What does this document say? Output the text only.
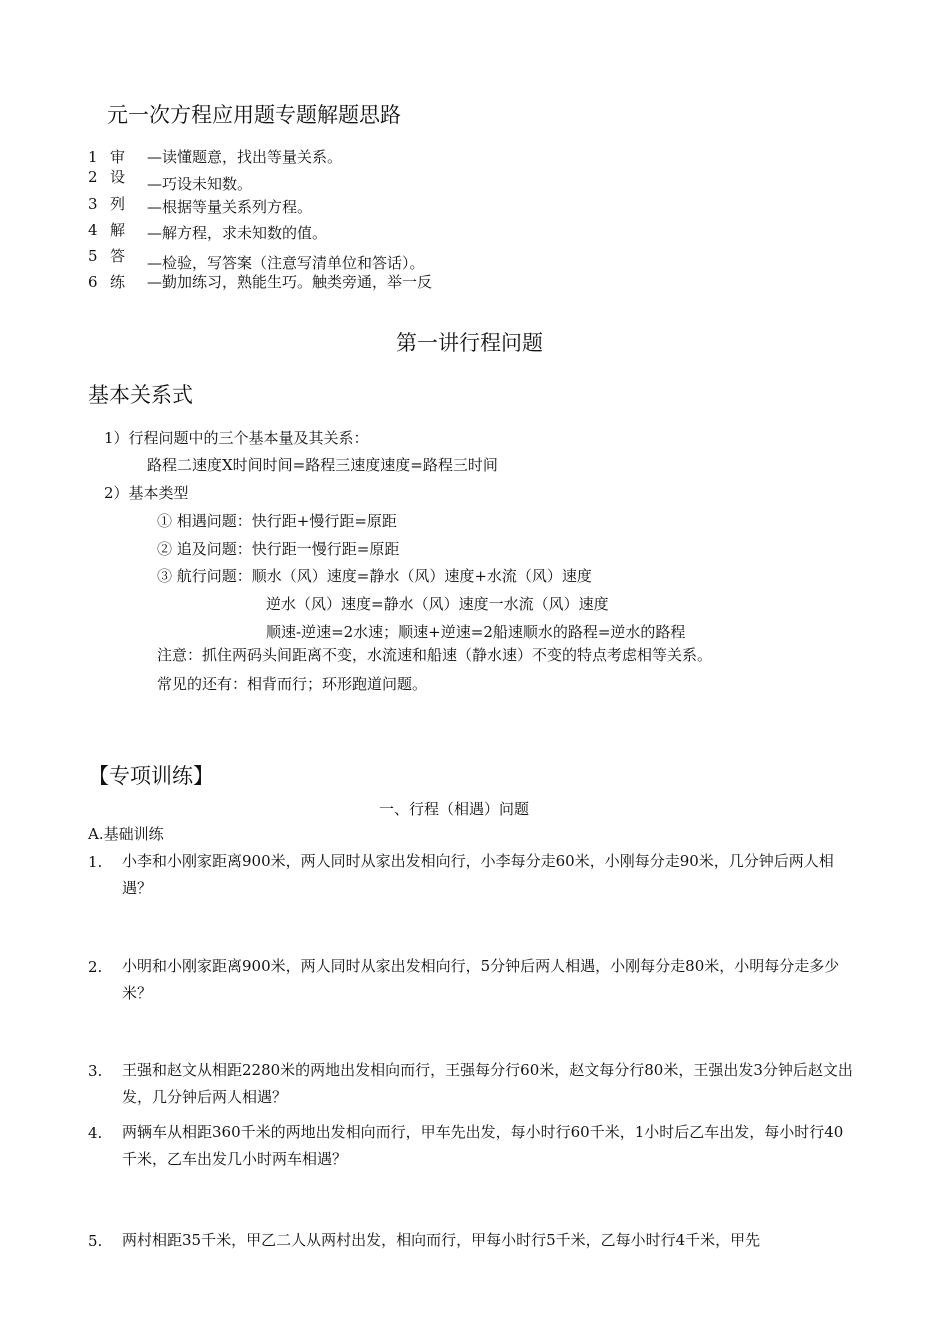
元一次方程应用题专题解题思路
1 审 —读懂题意，找出等量关系。
2 设 —巧设未知数。
3 列 —根据等量关系列方程。
4 解 —解方程，求未知数的值。
5 答 —检验，写答案（注意写清单位和答话）。
6 练 —勤加练习，熟能生巧。触类旁通，举一反
第一讲行程问题
基本关系式
1）行程问题中的三个基本量及其关系：
路程二速度X时间时间=路程三速度速度=路程三时间
2）基本类型
① 相遇问题：快行距+慢行距=原距
② 追及问题：快行距一慢行距=原距
③ 航行问题：顺水（风）速度=静水（风）速度+水流（风）速度
逆水（风）速度=静水（风）速度一水流（风）速度
顺速-逆速=2水速；顺速+逆速=2船速顺水的路程=逆水的路程
注意：抓住两码头间距离不变，水流速和船速（静水速）不变的特点考虑相等关系。
常见的还有：相背而行；环形跑道问题。
【专项训练】
一、行程（相遇）问题
A.基础训练
1. 小李和小刚家距离900米，两人同时从家出发相向行，小李每分走60米，小刚每分走90米，几分钟后两人相遇？
2. 小明和小刚家距离900米，两人同时从家出发相向行，5分钟后两人相遇，小刚每分走80米，小明每分走多少米？
3. 王强和赵文从相距2280米的两地出发相向而行，王强每分行60米，赵文每分行80米，王强出发3分钟后赵文出发，几分钟后两人相遇？
4. 两辆车从相距360千米的两地出发相向而行，甲车先出发，每小时行60千米，1小时后乙车出发，每小时行40千米，乙车出发几小时两车相遇？
5. 两村相距35千米，甲乙二人从两村出发，相向而行，甲每小时行5千米，乙每小时行4千米，甲先
